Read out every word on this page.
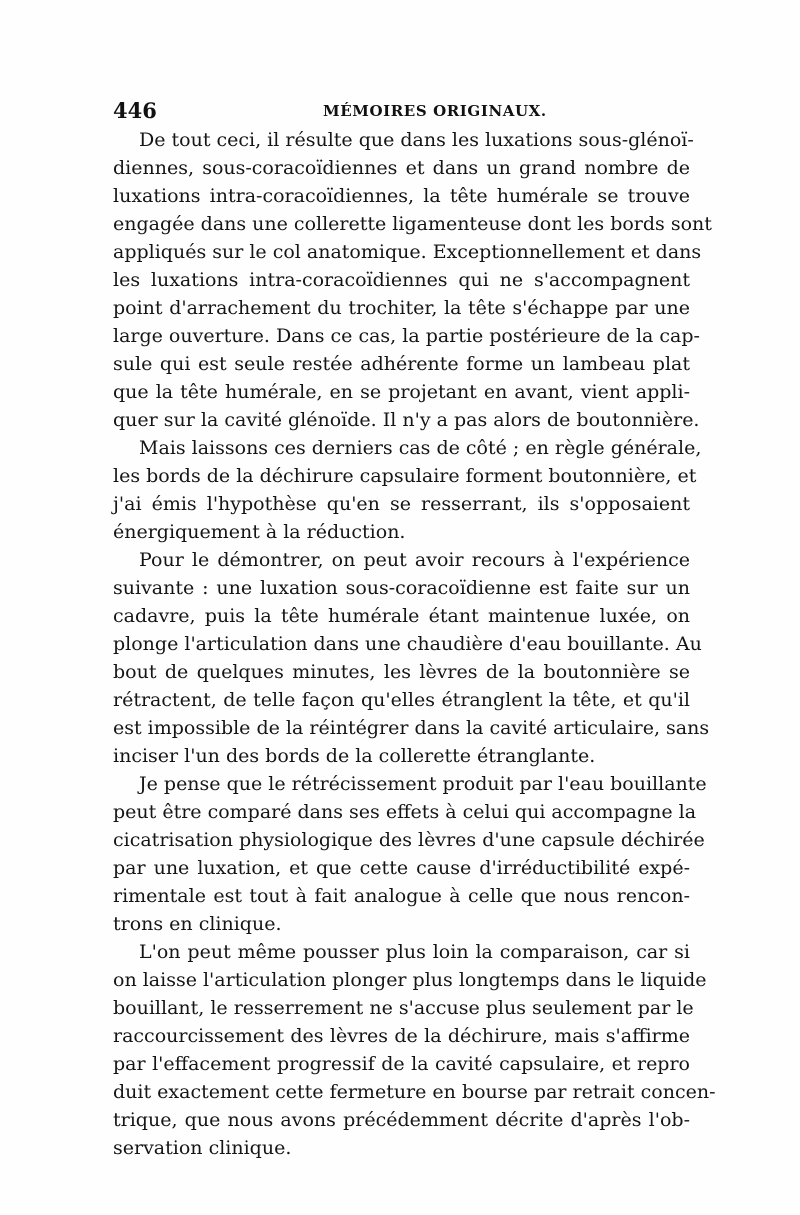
446	MÉMOIRES ORIGINAUX.
De tout ceci, il résulte que dans les luxations sous-glénoï-
diennes, sous-coracoïdiennes et dans un grand nombre de
luxations intra-coracoïdiennes, la tête humérale se trouve
engagée dans une collerette ligamenteuse dont les bords sont
appliqués sur le col anatomique. Exceptionnellement et dans
les luxations intra-coracoïdiennes qui ne s'accompagnent
point d'arrachement du trochiter, la tête s'échappe par une
large ouverture. Dans ce cas, la partie postérieure de la cap-
sule qui est seule restée adhérente forme un lambeau plat
que la tête humérale, en se projetant en avant, vient appli-
quer sur la cavité glénoïde. Il n'y a pas alors de boutonnière.
Mais laissons ces derniers cas de côté ; en règle générale,
les bords de la déchirure capsulaire forment boutonnière, et
j'ai émis l'hypothèse qu'en se resserrant, ils s'opposaient
énergiquement à la réduction.
Pour le démontrer, on peut avoir recours à l'expérience
suivante : une luxation sous-coracoïdienne est faite sur un
cadavre, puis la tête humérale étant maintenue luxée, on
plonge l'articulation dans une chaudière d'eau bouillante. Au
bout de quelques minutes, les lèvres de la boutonnière se
rétractent, de telle façon qu'elles étranglent la tête, et qu'il
est impossible de la réintégrer dans la cavité articulaire, sans
inciser l'un des bords de la collerette étranglante.
Je pense que le rétrécissement produit par l'eau bouillante
peut être comparé dans ses effets à celui qui accompagne la
cicatrisation physiologique des lèvres d'une capsule déchirée
par une luxation, et que cette cause d'irréductibilité expé-
rimentale est tout à fait analogue à celle que nous rencon-
trons en clinique.
L'on peut même pousser plus loin la comparaison, car si
on laisse l'articulation plonger plus longtemps dans le liquide
bouillant, le resserrement ne s'accuse plus seulement par le
raccourcissement des lèvres de la déchirure, mais s'affirme
par l'effacement progressif de la cavité capsulaire, et repro
duit exactement cette fermeture en bourse par retrait concen-
trique, que nous avons précédemment décrite d'après l'ob-
servation clinique.
